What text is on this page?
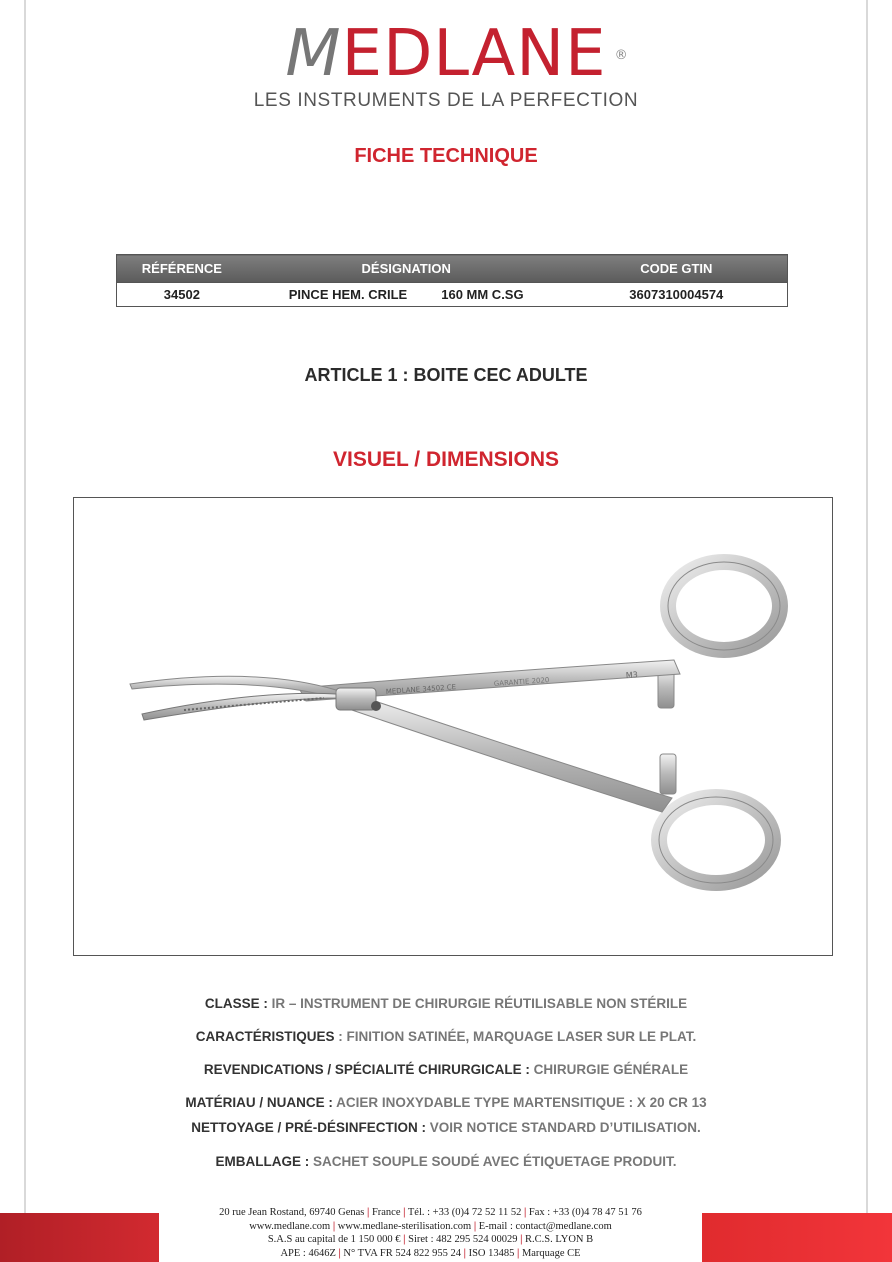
MEDLANE ®
LES INSTRUMENTS DE LA PERFECTION
FICHE TECHNIQUE
RÉFÉRENCE	DÉSIGNATION	CODE GTIN
34502	PINCE HEM. CRILE 160 MM C.SG	3607310004574
ARTICLE 1 : BOITE CEC ADULTE
VISUEL / DIMENSIONS
MEDLANE 34502 CE
GARANTIE 2020
M3
CLASSE : IR – INSTRUMENT DE CHIRURGIE RÉUTILISABLE NON STÉRILE
CARACTÉRISTIQUES : FINITION SATINÉE, MARQUAGE LASER SUR LE PLAT.
REVENDICATIONS / SPÉCIALITÉ CHIRURGICALE : CHIRURGIE GÉNÉRALE
MATÉRIAU / NUANCE : ACIER INOXYDABLE TYPE MARTENSITIQUE : X 20 CR 13
NETTOYAGE / PRÉ-DÉSINFECTION : VOIR NOTICE STANDARD D’UTILISATION.
EMBALLAGE : SACHET SOUPLE SOUDÉ AVEC ÉTIQUETAGE PRODUIT.
20 rue Jean Rostand, 69740 Genas | France | Tél. : +33 (0)4 72 52 11 52 | Fax : +33 (0)4 78 47 51 76
www.medlane.com | www.medlane-sterilisation.com | E-mail : contact@medlane.com
S.A.S au capital de 1 150 000 € | Siret : 482 295 524 00029 | R.C.S. LYON B
APE : 4646Z | N° TVA FR 524 822 955 24 | ISO 13485 | Marquage CE
